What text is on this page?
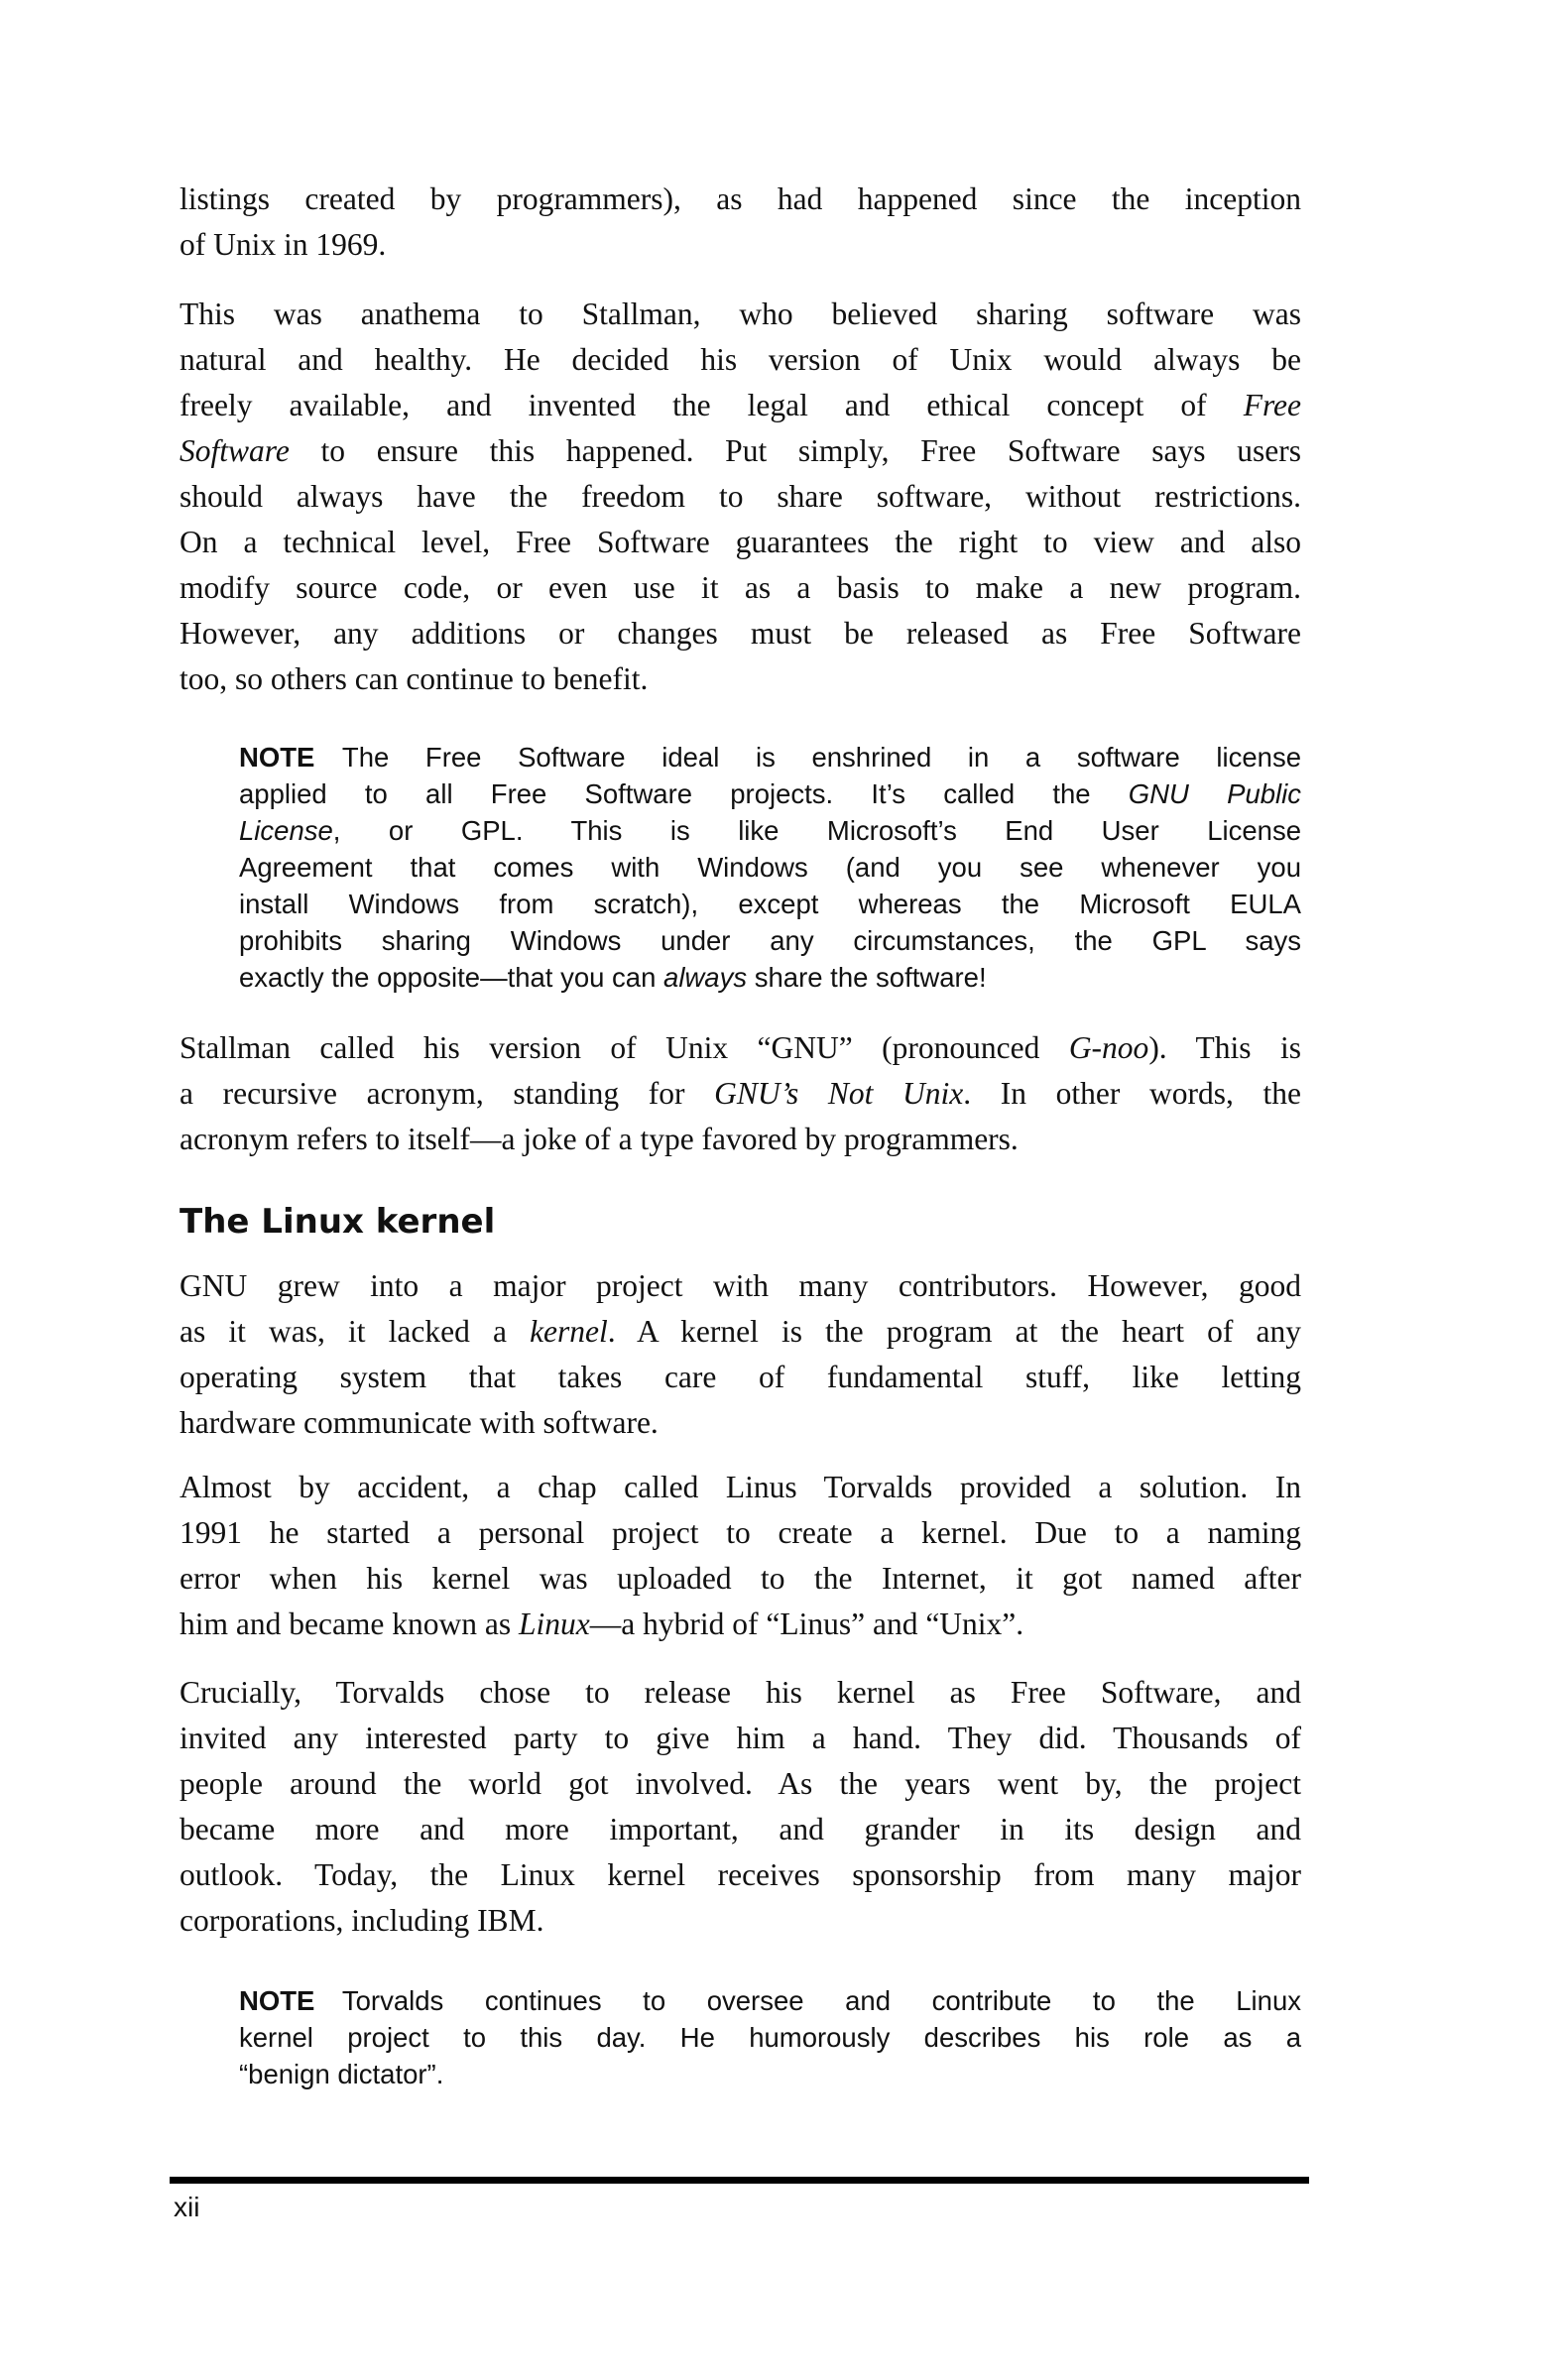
listings created by programmers), as had happened since the inception
of Unix in 1969.
This was anathema to Stallman, who believed sharing software was
natural and healthy. He decided his version of Unix would always be
freely available, and invented the legal and ethical concept of Free
Software to ensure this happened. Put simply, Free Software says users
should always have the freedom to share software, without restrictions.
On a technical level, Free Software guarantees the right to view and also
modify source code, or even use it as a basis to make a new program.
However, any additions or changes must be released as Free Software
too, so others can continue to benefit.
NOTE The Free Software ideal is enshrined in a software license
applied to all Free Software projects. It’s called the GNU Public
License, or GPL. This is like Microsoft’s End User License
Agreement that comes with Windows (and you see whenever you
install Windows from scratch), except whereas the Microsoft EULA
prohibits sharing Windows under any circumstances, the GPL says
exactly the opposite—that you can always share the software!
Stallman called his version of Unix “GNU” (pronounced G-noo). This is
a recursive acronym, standing for GNU’s Not Unix. In other words, the
acronym refers to itself—a joke of a type favored by programmers.
The Linux kernel
GNU grew into a major project with many contributors. However, good
as it was, it lacked a kernel. A kernel is the program at the heart of any
operating system that takes care of fundamental stuff, like letting
hardware communicate with software.
Almost by accident, a chap called Linus Torvalds provided a solution. In
1991 he started a personal project to create a kernel. Due to a naming
error when his kernel was uploaded to the Internet, it got named after
him and became known as Linux—a hybrid of “Linus” and “Unix”.
Crucially, Torvalds chose to release his kernel as Free Software, and
invited any interested party to give him a hand. They did. Thousands of
people around the world got involved. As the years went by, the project
became more and more important, and grander in its design and
outlook. Today, the Linux kernel receives sponsorship from many major
corporations, including IBM.
NOTE Torvalds continues to oversee and contribute to the Linux
kernel project to this day. He humorously describes his role as a
“benign dictator”.
xii
